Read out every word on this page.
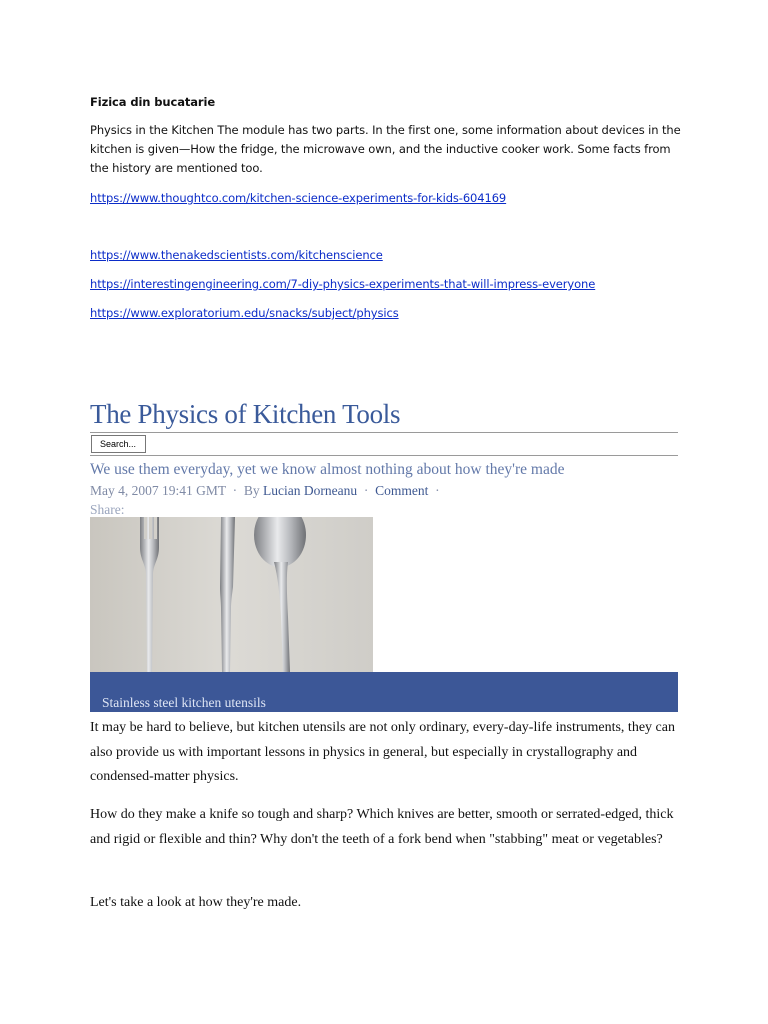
Fizica din bucatarie
Physics in the Kitchen The module has two parts. In the first one, some information about devices in the
kitchen is given—How the fridge, the microwave own, and the inductive cooker work. Some facts from
the history are mentioned too.
https://www.thoughtco.com/kitchen-science-experiments-for-kids-604169
https://www.thenakedscientists.com/kitchenscience
https://interestingengineering.com/7-diy-physics-experiments-that-will-impress-everyone
https://www.exploratorium.edu/snacks/subject/physics
The Physics of Kitchen Tools
Search...
We use them everyday, yet we know almost nothing about how they're made
May 4, 2007 19:41 GMT  ·  By Lucian Dorneanu  ·  Comment  ·
Share:
Stainless steel kitchen utensils
It may be hard to believe, but kitchen utensils are not only ordinary, every-day-life instruments, they can also provide us with important lessons in physics in general, but especially in crystallography and condensed-matter physics.
How do they make a knife so tough and sharp? Which knives are better, smooth or serrated-edged, thick and rigid or flexible and thin? Why don't the teeth of a fork bend when "stabbing" meat or vegetables?
Let's take a look at how they're made.
